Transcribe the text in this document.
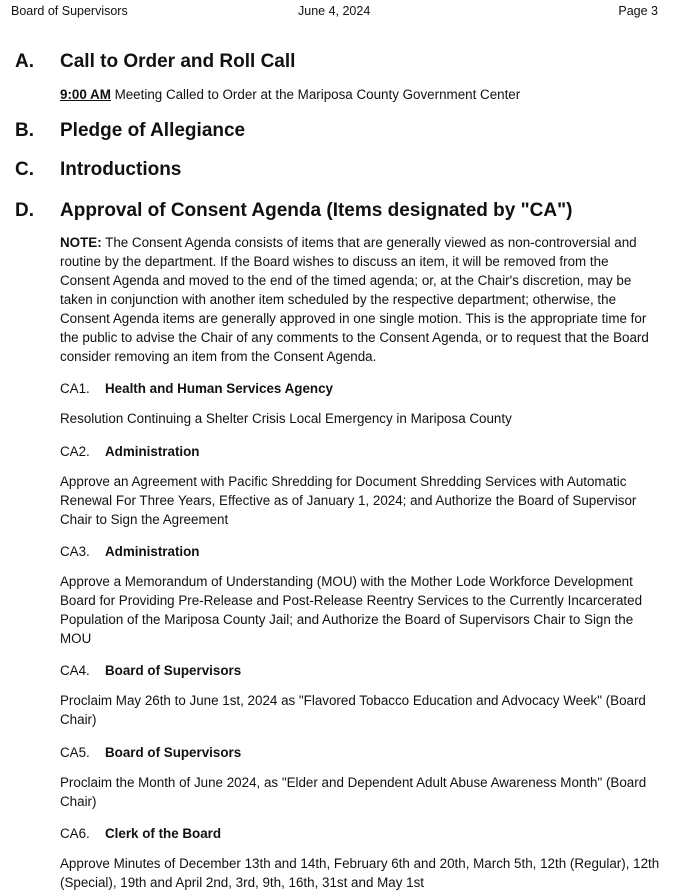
Board of Supervisors	June 4, 2024	Page 3
A. Call to Order and Roll Call
9:00 AM Meeting Called to Order at the Mariposa County Government Center
B. Pledge of Allegiance
C. Introductions
D. Approval of Consent Agenda (Items designated by "CA")
NOTE: The Consent Agenda consists of items that are generally viewed as non-controversial and routine by the department. If the Board wishes to discuss an item, it will be removed from the Consent Agenda and moved to the end of the timed agenda; or, at the Chair's discretion, may be taken in conjunction with another item scheduled by the respective department; otherwise, the Consent Agenda items are generally approved in one single motion. This is the appropriate time for the public to advise the Chair of any comments to the Consent Agenda, or to request that the Board consider removing an item from the Consent Agenda.
CA1. Health and Human Services Agency
Resolution Continuing a Shelter Crisis Local Emergency in Mariposa County
CA2. Administration
Approve an Agreement with Pacific Shredding for Document Shredding Services with Automatic Renewal For Three Years, Effective as of January 1, 2024; and Authorize the Board of Supervisor Chair to Sign the Agreement
CA3. Administration
Approve a Memorandum of Understanding (MOU) with the Mother Lode Workforce Development Board for Providing Pre-Release and Post-Release Reentry Services to the Currently Incarcerated Population of the Mariposa County Jail; and Authorize the Board of Supervisors Chair to Sign the MOU
CA4. Board of Supervisors
Proclaim May 26th to June 1st, 2024 as "Flavored Tobacco Education and Advocacy Week" (Board Chair)
CA5. Board of Supervisors
Proclaim the Month of June 2024, as "Elder and Dependent Adult Abuse Awareness Month" (Board Chair)
CA6. Clerk of the Board
Approve Minutes of December 13th and 14th, February 6th and 20th, March 5th, 12th (Regular), 12th (Special), 19th and April 2nd, 3rd, 9th, 16th, 31st and May 1st
